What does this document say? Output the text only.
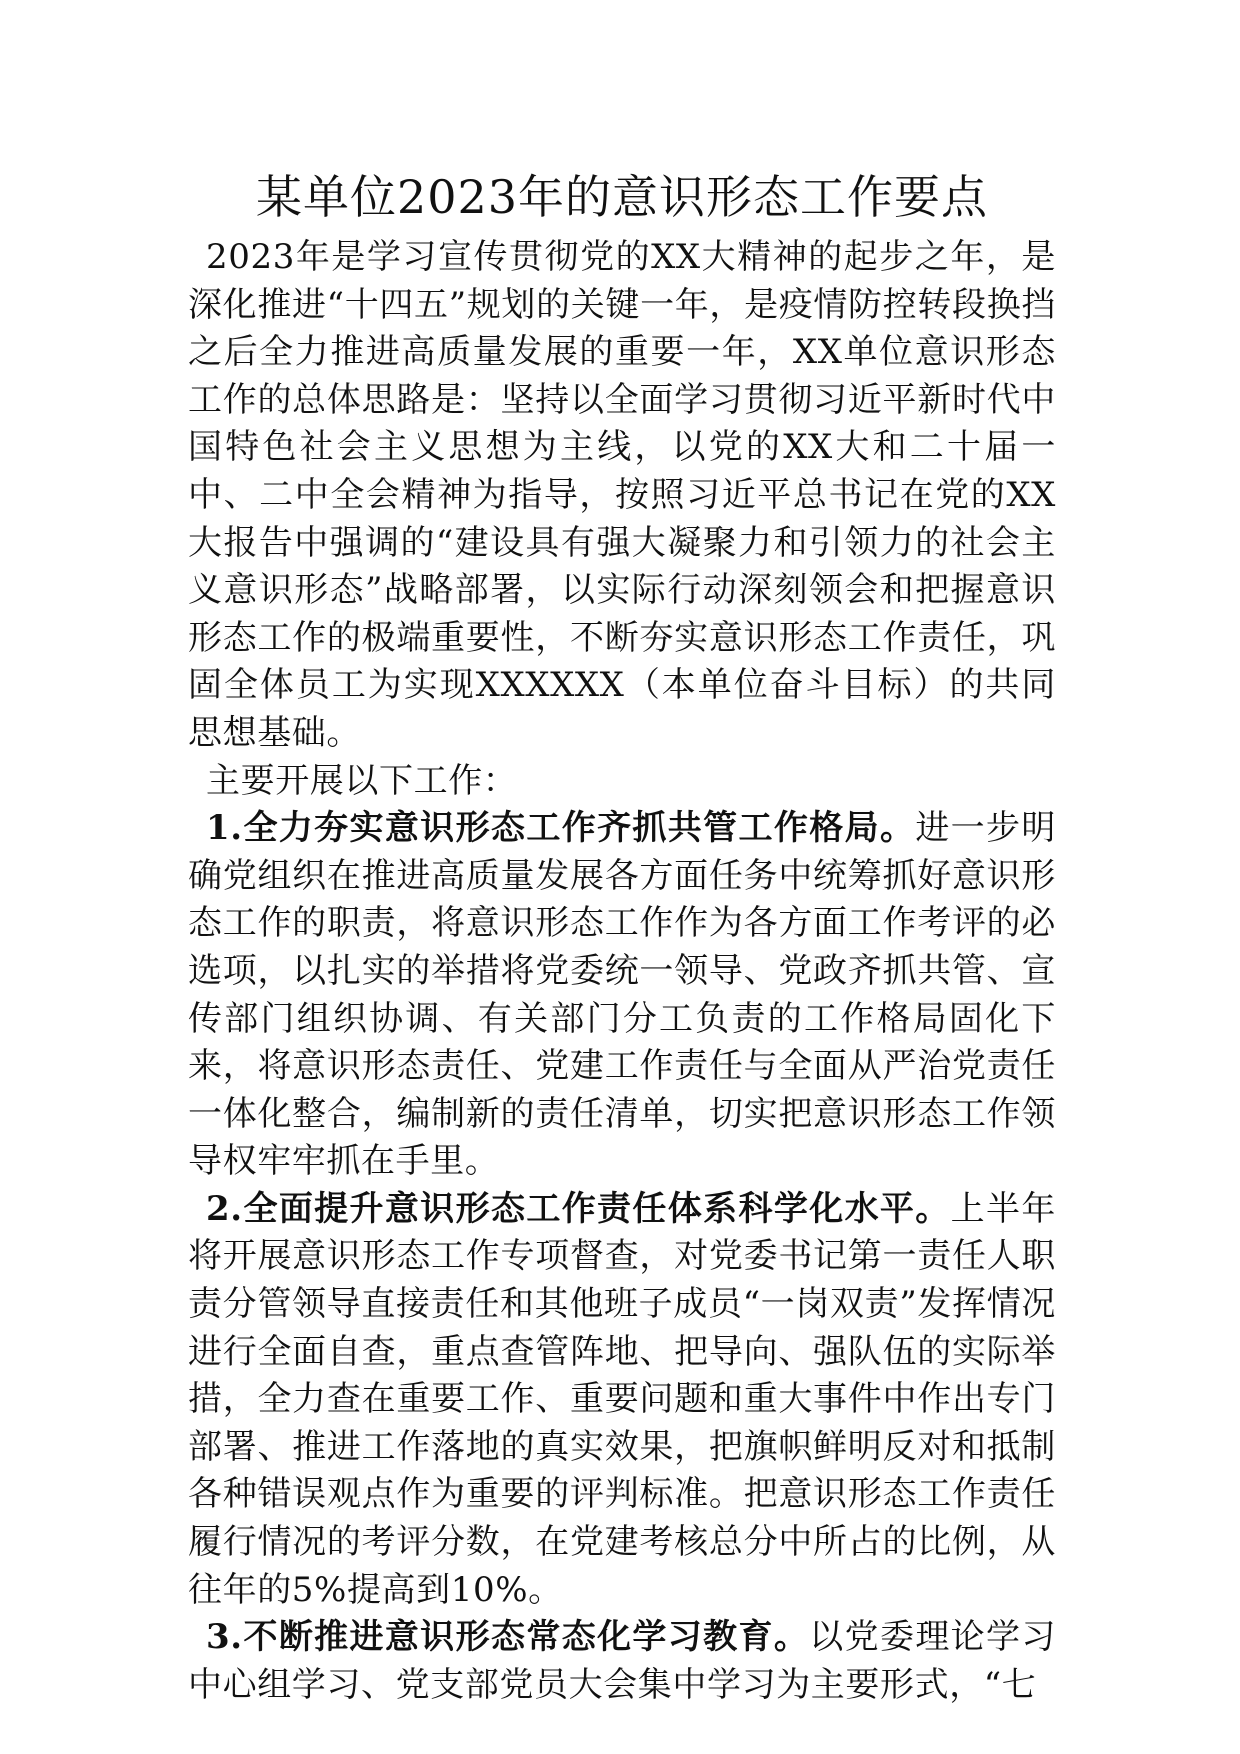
某单位2023年的意识形态工作要点

2023年是学习宣传贯彻党的XX大精神的起步之年，是深化推进“十四五”规划的关键一年，是疫情防控转段换挡之后全力推进高质量发展的重要一年，XX单位意识形态工作的总体思路是：坚持以全面学习贯彻习近平新时代中国特色社会主义思想为主线，以党的XX大和二十届一中、二中全会精神为指导，按照习近平总书记在党的XX大报告中强调的“建设具有强大凝聚力和引领力的社会主义意识形态”战略部署，以实际行动深刻领会和把握意识形态工作的极端重要性，不断夯实意识形态工作责任，巩固全体员工为实现XXXXXX（本单位奋斗目标）的共同思想基础。

主要开展以下工作：

1.全力夯实意识形态工作齐抓共管工作格局。进一步明确党组织在推进高质量发展各方面任务中统筹抓好意识形态工作的职责，将意识形态工作作为各方面工作考评的必选项，以扎实的举措将党委统一领导、党政齐抓共管、宣传部门组织协调、有关部门分工负责的工作格局固化下来，将意识形态责任、党建工作责任与全面从严治党责任一体化整合，编制新的责任清单，切实把意识形态工作领导权牢牢抓在手里。

2.全面提升意识形态工作责任体系科学化水平。上半年将开展意识形态工作专项督查，对党委书记第一责任人职责分管领导直接责任和其他班子成员“一岗双责”发挥情况进行全面自查，重点查管阵地、把导向、强队伍的实际举措，全力查在重要工作、重要问题和重大事件中作出专门部署、推进工作落地的真实效果，把旗帜鲜明反对和抵制各种错误观点作为重要的评判标准。把意识形态工作责任履行情况的考评分数，在党建考核总分中所占的比例，从往年的5%提高到10%。

3.不断推进意识形态常态化学习教育。以党委理论学习中心组学习、党支部党员大会集中学习为主要形式，“七
